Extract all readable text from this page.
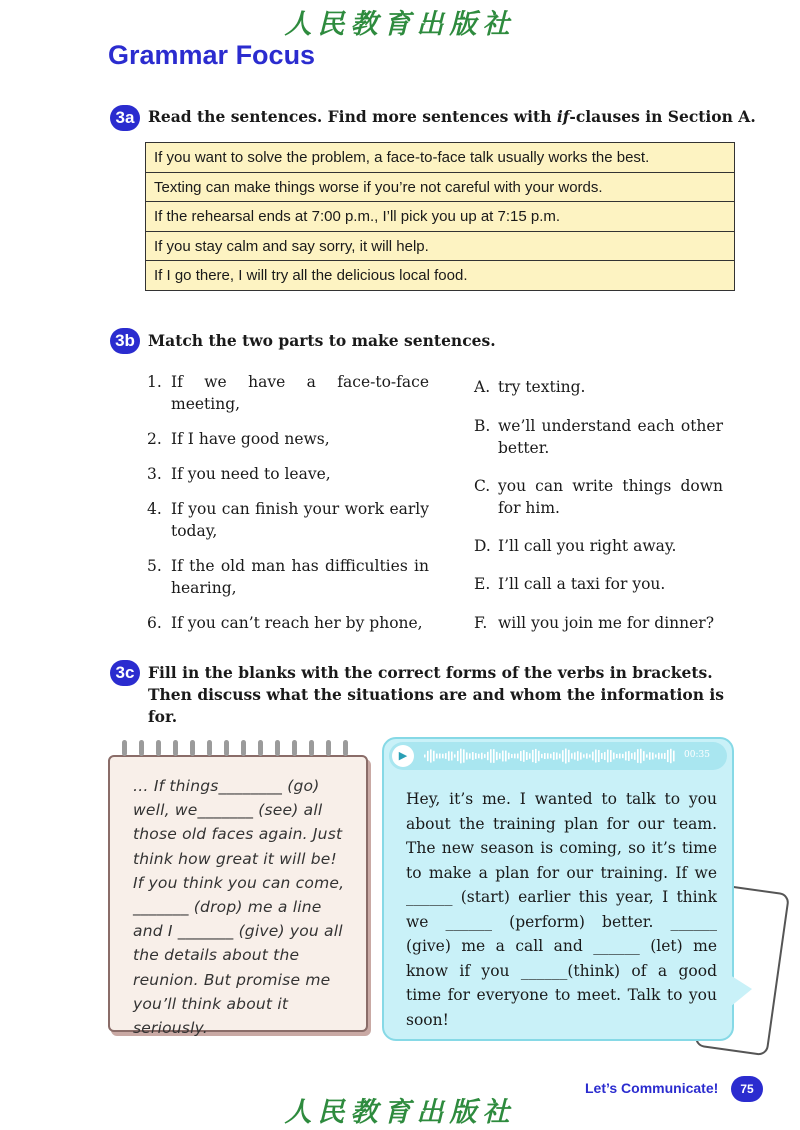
人民教育出版社
Grammar Focus
3a Read the sentences. Find more sentences with if-clauses in Section A.
If you want to solve the problem, a face-to-face talk usually works the best.
Texting can make things worse if you’re not careful with your words.
If the rehearsal ends at 7:00 p.m., I’ll pick you up at 7:15 p.m.
If you stay calm and say sorry, it will help.
If I go there, I will try all the delicious local food.
3b Match the two parts to make sentences.
1. If we have a face-to-face meeting,
2. If I have good news,
3. If you need to leave,
4. If you can finish your work early today,
5. If the old man has difficulties in hearing,
6. If you can’t reach her by phone,
A. try texting.
B. we’ll understand each other better.
C. you can write things down for him.
D. I’ll call you right away.
E. I’ll call a taxi for you.
F. will you join me for dinner?
3c Fill in the blanks with the correct forms of the verbs in brackets. Then discuss what the situations are and whom the information is for.
… If things________ (go) well, we_______ (see) all those old faces again. Just think how great it will be! If you think you can come, _______ (drop) me a line and I _______ (give) you all the details about the reunion. But promise me you’ll think about it seriously.
▶	00:35
Hey, it’s me. I wanted to talk to you about the training plan for our team. The new season is coming, so it’s time to make a plan for our training. If we ______ (start) earlier this year, I think we ______ (perform) better. ______ (give) me a call and ______ (let) me know if you ______(think) of a good time for everyone to meet. Talk to you soon!
Let’s Communicate!	75
人民教育出版社
